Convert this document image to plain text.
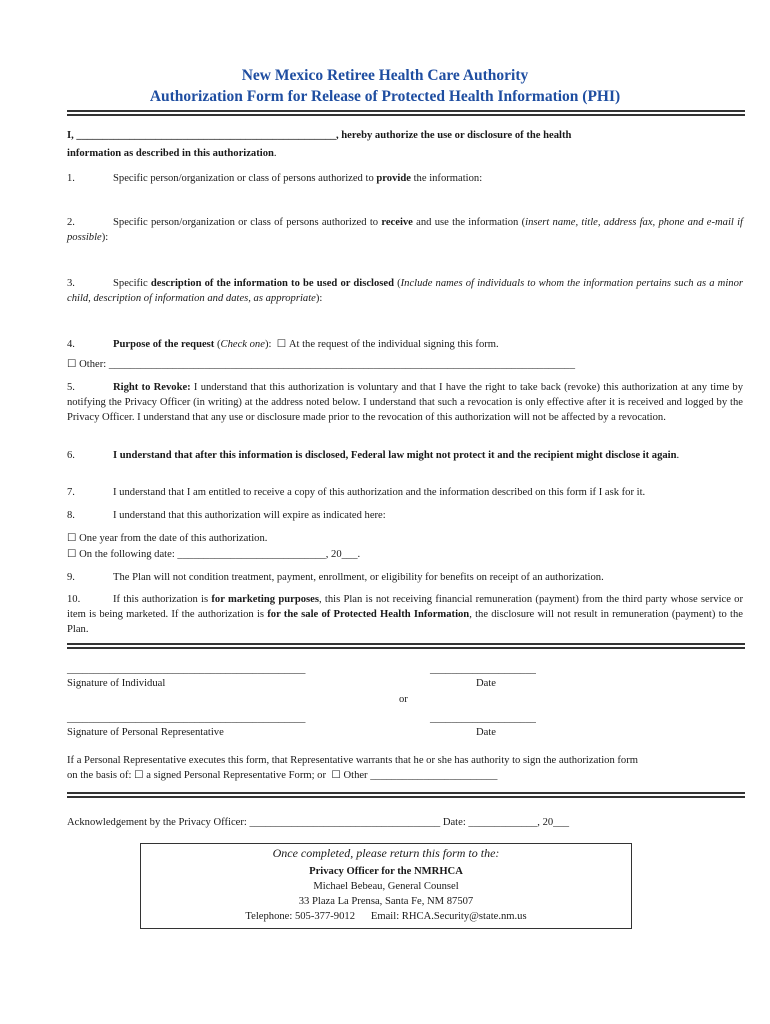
New Mexico Retiree Health Care Authority
Authorization Form for Release of Protected Health Information (PHI)
I, _________________________________________________, hereby authorize the use or disclosure of the health
information as described in this authorization.
1.	Specific person/organization or class of persons authorized to provide the information:
2.	Specific person/organization or class of persons authorized to receive and use the information (insert name, title, address fax, phone and e-mail if possible):
3.	Specific description of the information to be used or disclosed (Include names of individuals to whom the information pertains such as a minor child, description of information and dates, as appropriate):
4.	Purpose of the request (Check one): ☐ At the request of the individual signing this form.
☐ Other: ________________________________________________________________________________________
5.	Right to Revoke: I understand that this authorization is voluntary and that I have the right to take back (revoke) this authorization at any time by notifying the Privacy Officer (in writing) at the address noted below. I understand that such a revocation is only effective after it is received and logged by the Privacy Officer. I understand that any use or disclosure made prior to the revocation of this authorization will not be affected by a revocation.
6.	I understand that after this information is disclosed, Federal law might not protect it and the recipient might disclose it again.
7.	I understand that I am entitled to receive a copy of this authorization and the information described on this form if I ask for it.
8.	I understand that this authorization will expire as indicated here:
☐ One year from the date of this authorization.
☐ On the following date: ____________________________, 20___.
9.	The Plan will not condition treatment, payment, enrollment, or eligibility for benefits on receipt of an authorization.
10.	If this authorization is for marketing purposes, this Plan is not receiving financial remuneration (payment) from the third party whose service or item is being marketed. If the authorization is for the sale of Protected Health Information, the disclosure will not result in remuneration (payment) to the Plan.
_____________________________________________	____________________
Signature of Individual	Date
or
_____________________________________________	____________________
Signature of Personal Representative	Date
If a Personal Representative executes this form, that Representative warrants that he or she has authority to sign the authorization form
on the basis of: ☐ a signed Personal Representative Form; or ☐ Other ________________________
Acknowledgement by the Privacy Officer: ____________________________________ Date: _____________, 20___
Once completed, please return this form to the:
Privacy Officer for the NMRHCA
Michael Bebeau, General Counsel
33 Plaza La Prensa, Santa Fe, NM 87507
Telephone: 505-377-9012 Email: RHCA.Security@state.nm.us
